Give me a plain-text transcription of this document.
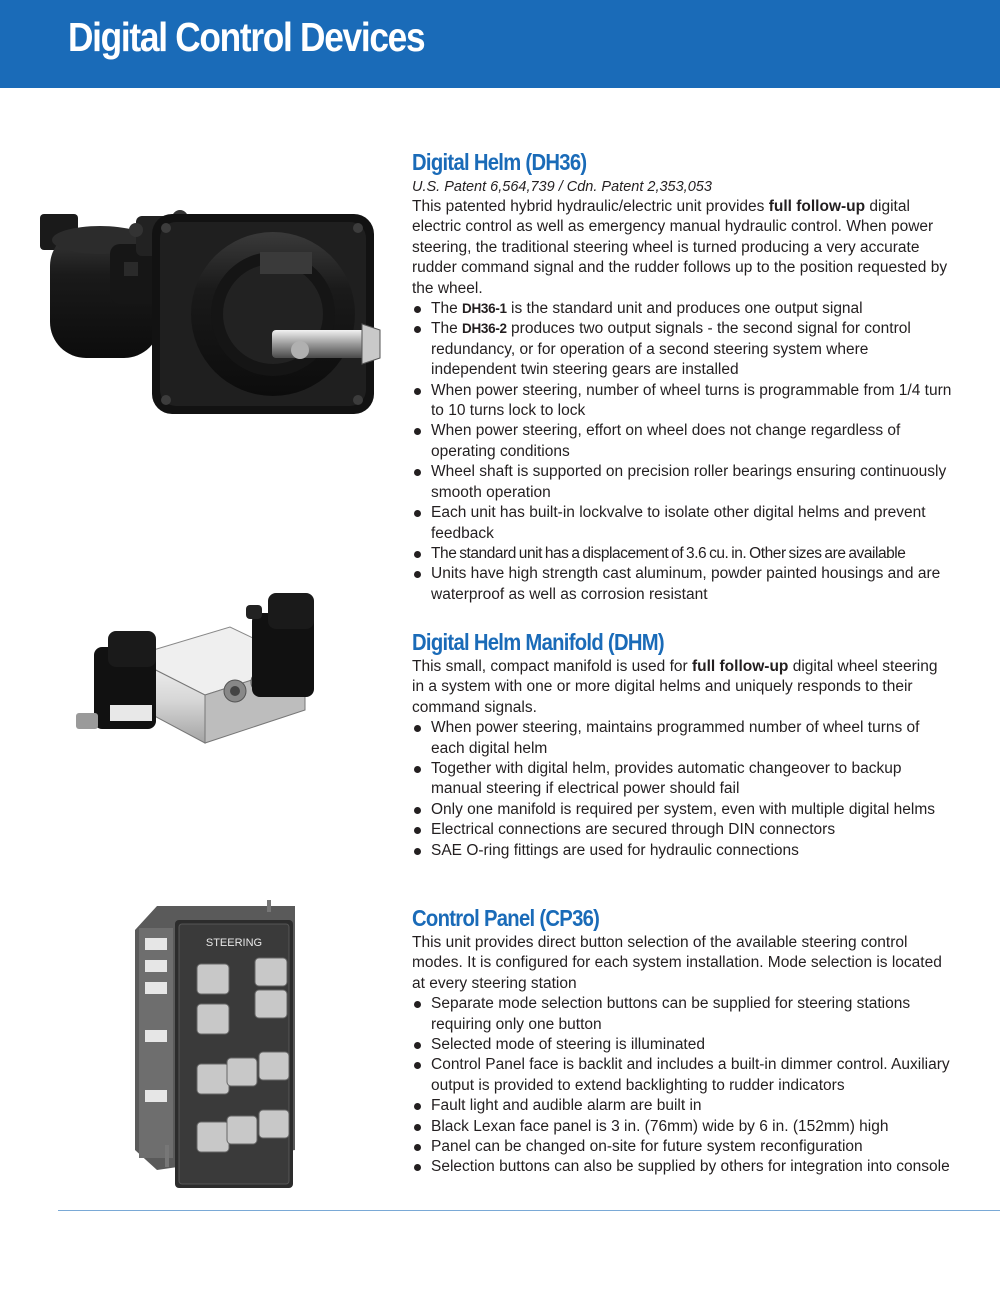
Digital Control Devices
STEERING
Digital Helm (DH36)
U.S. Patent 6,564,739 / Cdn. Patent 2,353,053

This patented hybrid hydraulic/electric unit provides full follow-up digital electric control as well as emergency manual hydraulic control. When power steering, the traditional steering wheel is turned producing a very accurate rudder command signal and the rudder follows up to the position requested by the wheel.

The DH36-1 is the standard unit and produces one output signal
The DH36-2 produces two output signals - the second signal for control redundancy, or for operation of a second steering system where independent twin steering gears are installed
When power steering, number of wheel turns is programmable from 1/4 turn to 10 turns lock to lock
When power steering, effort on wheel does not change regardless of operating conditions
Wheel shaft is supported on precision roller bearings ensuring continuously smooth operation
Each unit has built-in lockvalve to isolate other digital helms and prevent feedback
The standard unit has a displacement of 3.6 cu. in. Other sizes are available
Units have high strength cast aluminum, powder painted housings and are waterproof as well as corrosion resistant
Digital Helm Manifold (DHM)

This small, compact manifold is used for full follow-up digital wheel steering in a system with one or more digital helms and uniquely responds to their command signals.

When power steering, maintains programmed number of wheel turns of each digital helm
Together with digital helm, provides automatic changeover to backup manual steering if electrical power should fail
Only one manifold is required per system, even with multiple digital helms
Electrical connections are secured through DIN connectors
SAE O-ring fittings are used for hydraulic connections
Control Panel (CP36)

This unit provides direct button selection of the available steering control modes. It is configured for each system installation. Mode selection is located at every steering station

Separate mode selection buttons can be supplied for steering stations requiring only one button
Selected mode of steering is illuminated
Control Panel face is backlit and includes a built-in dimmer control. Auxiliary output is provided to extend backlighting to rudder indicators
Fault light and audible alarm are built in
Black Lexan face panel is 3 in. (76mm) wide by 6 in. (152mm) high
Panel can be changed on-site for future system reconfiguration
Selection buttons can also be supplied by others for integration into console
